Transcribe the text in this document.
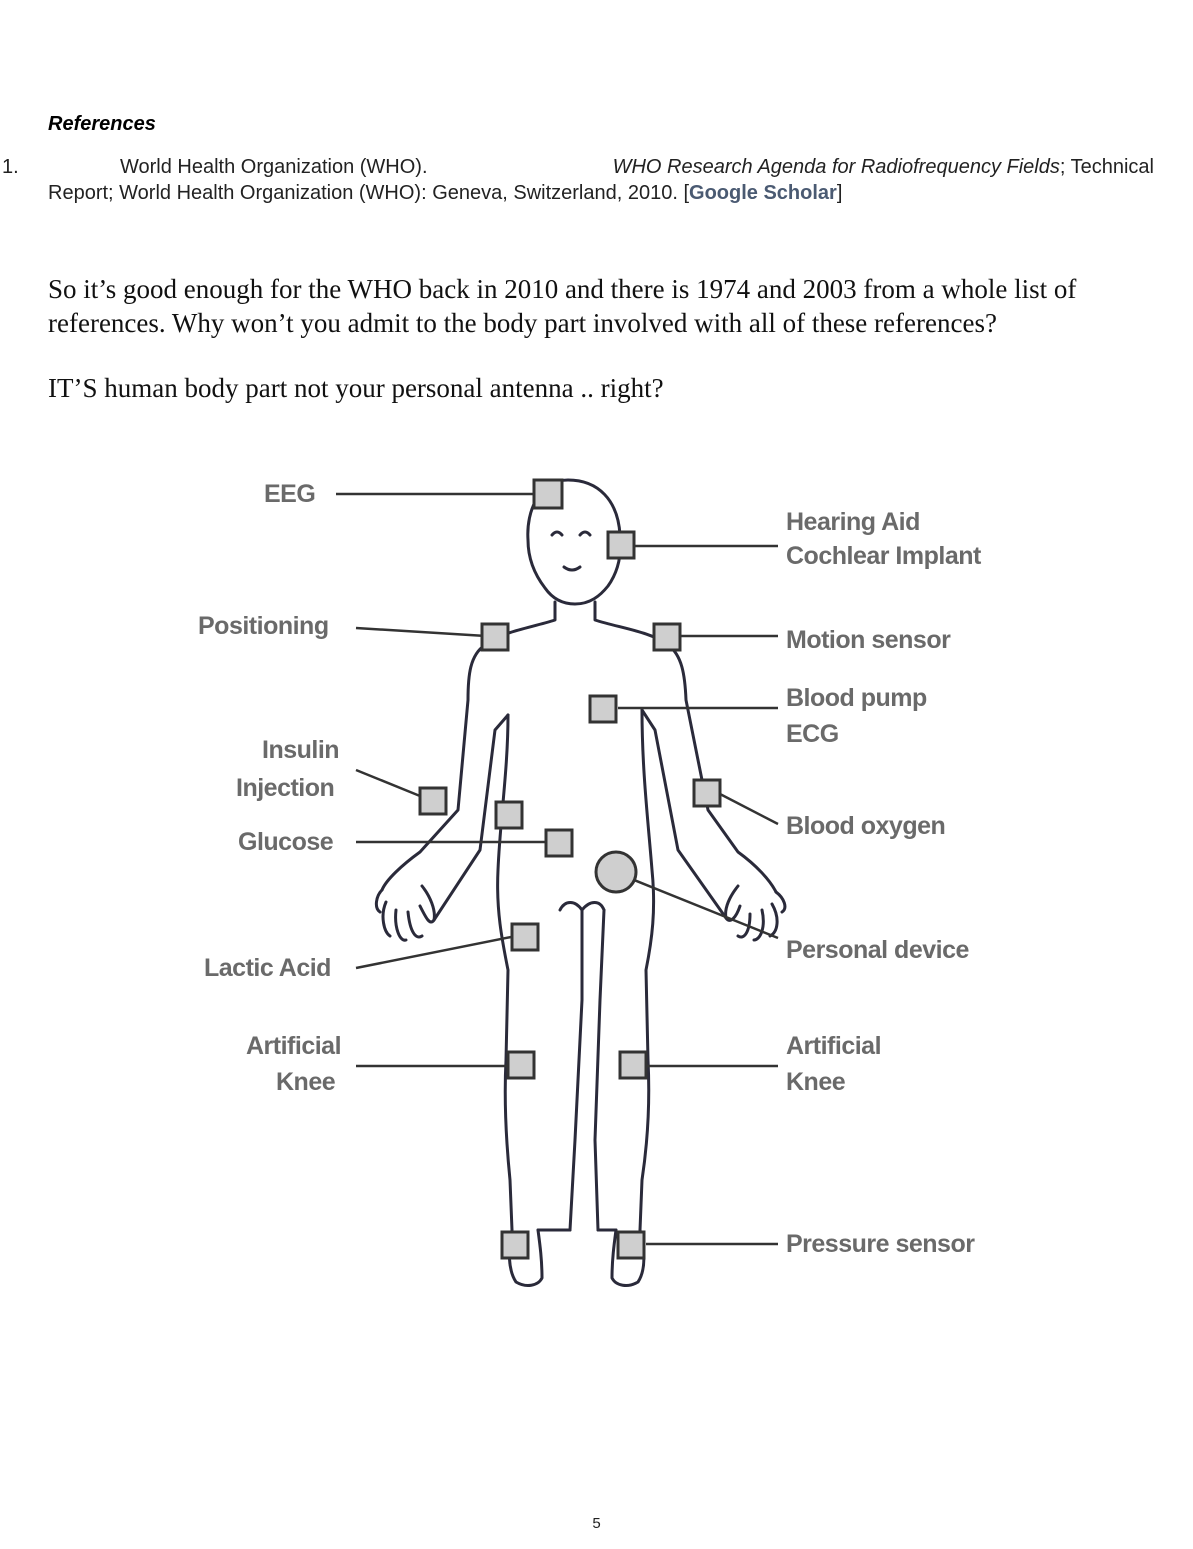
References
1.	World Health Organization (WHO).	WHO Research Agenda for Radiofrequency Fields; Technical
Report; World Health Organization (WHO): Geneva, Switzerland, 2010. [Google Scholar]
So it’s good enough for the WHO back in 2010 and there is 1974 and 2003 from a whole list of
references. Why won’t you admit to the body part involved with all of these references?
IT’S human body part not your personal antenna .. right?
EEG
Hearing Aid
Cochlear Implant
Positioning	Motion sensor
Blood pump
ECG
Insulin
Injection
Blood oxygen
Glucose
Personal device
Lactic Acid
Artificial
Knee
Artificial
Knee
Pressure sensor
5
